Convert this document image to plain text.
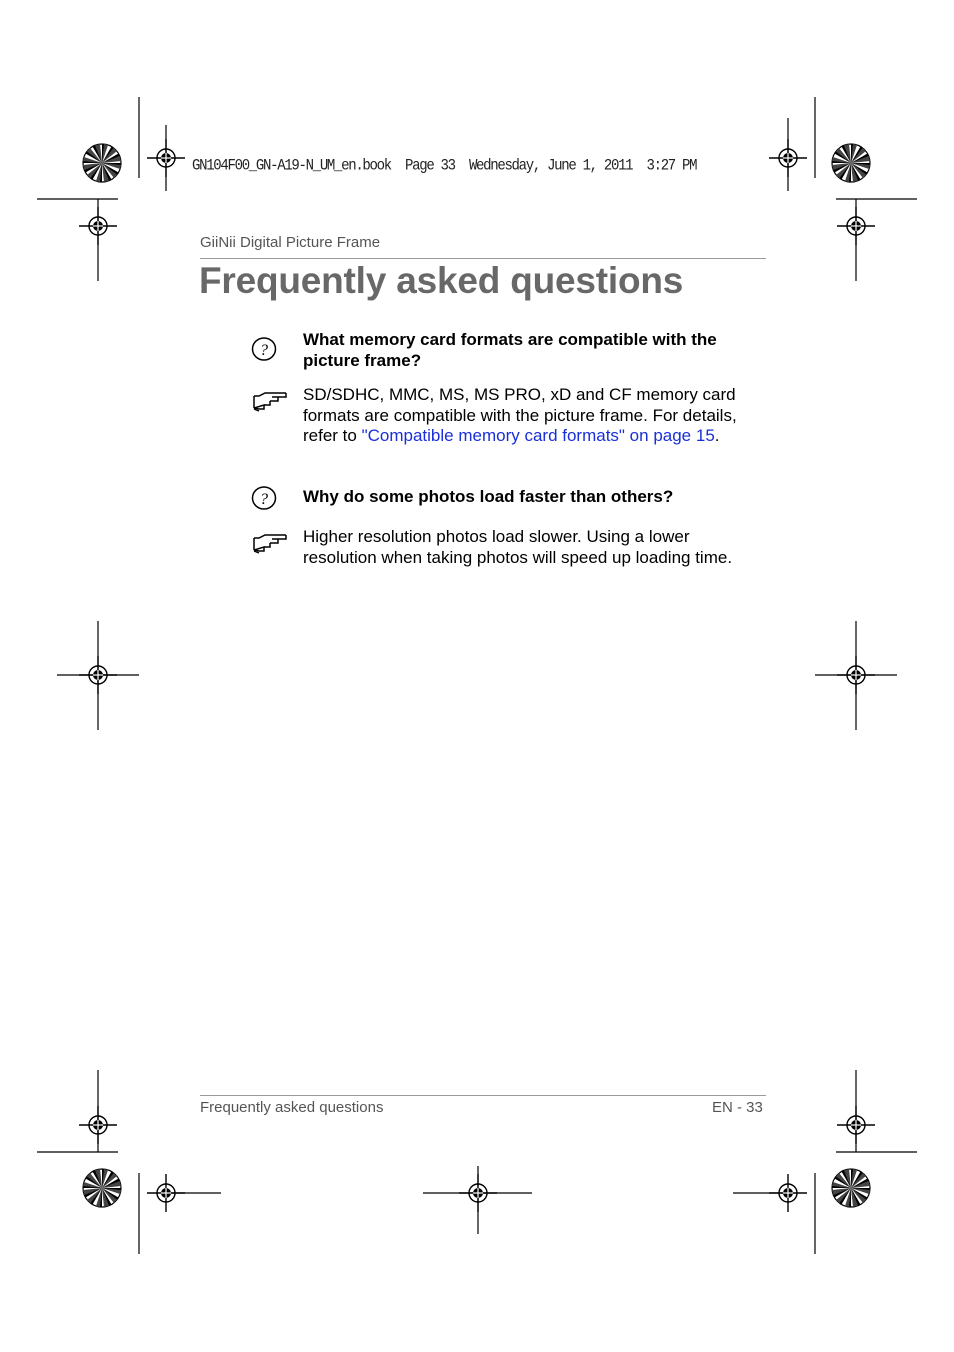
GN104F00_GN-A19-N_UM_en.book  Page 33  Wednesday, June 1, 2011  3:27 PM
GiiNii Digital Picture Frame
Frequently asked questions
?
What memory card formats are compatible with the picture frame?
SD/SDHC, MMC, MS, MS PRO, xD and CF memory card formats are compatible with the picture frame. For details, refer to "Compatible memory card formats" on page 15.
? Why do some photos load faster than others?
Higher resolution photos load slower. Using a lower resolution when taking photos will speed up loading time.
Frequently asked questions	EN - 33
